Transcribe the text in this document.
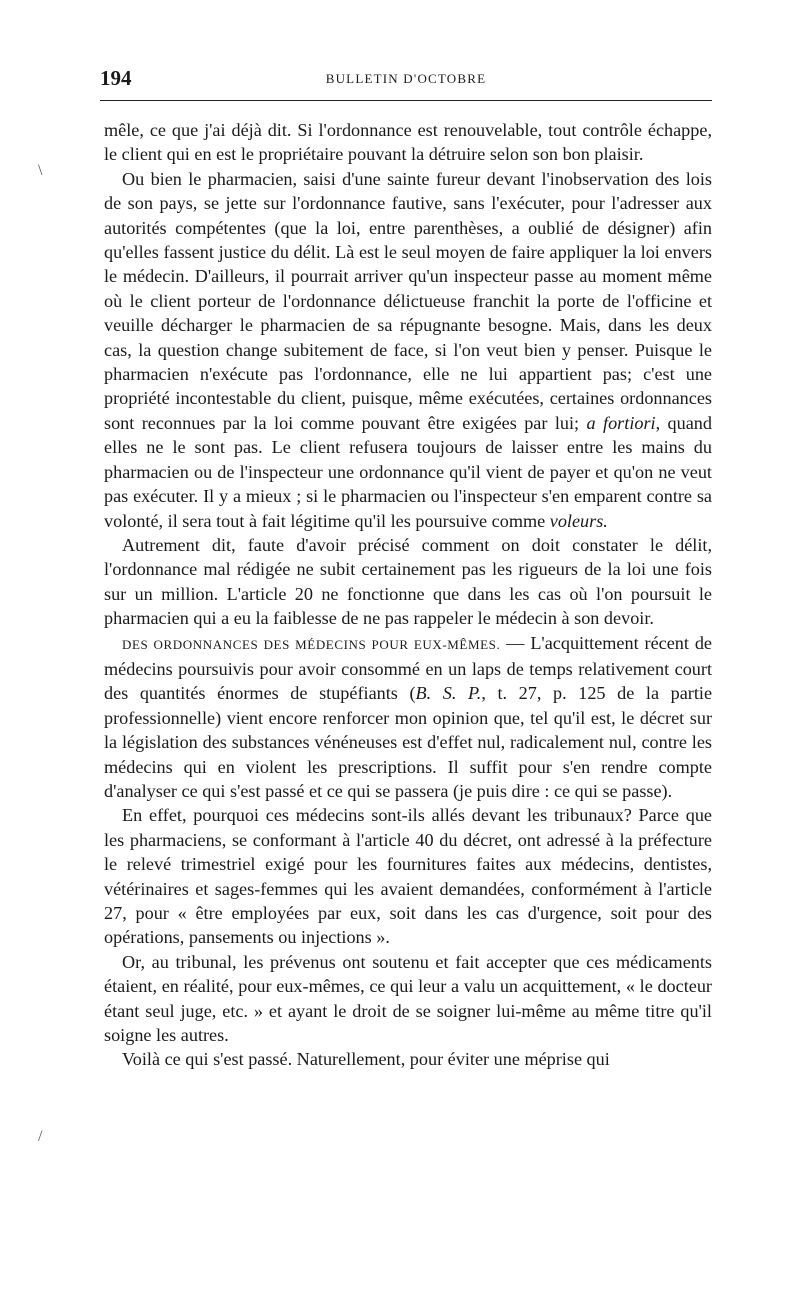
194	BULLETIN D'OCTOBRE
\
/

mêle, ce que j'ai déjà dit. Si l'ordonnance est renouvelable, tout contrôle échappe, le client qui en est le propriétaire pouvant la détruire selon son bon plaisir.

Ou bien le pharmacien, saisi d'une sainte fureur devant l'inobservation des lois de son pays, se jette sur l'ordonnance fautive, sans l'exécuter, pour l'adresser aux autorités compétentes (que la loi, entre parenthèses, a oublié de désigner) afin qu'elles fassent justice du délit. Là est le seul moyen de faire appliquer la loi envers le médecin. D'ailleurs, il pourrait arriver qu'un inspecteur passe au moment même où le client porteur de l'ordonnance délictueuse franchit la porte de l'officine et veuille décharger le pharmacien de sa répugnante besogne. Mais, dans les deux cas, la question change subitement de face, si l'on veut bien y penser. Puisque le pharmacien n'exécute pas l'ordonnance, elle ne lui appartient pas; c'est une propriété incontestable du client, puisque, même exécutées, certaines ordonnances sont reconnues par la loi comme pouvant être exigées par lui; a fortiori, quand elles ne le sont pas. Le client refusera toujours de laisser entre les mains du pharmacien ou de l'inspecteur une ordonnance qu'il vient de payer et qu'on ne veut pas exécuter. Il y a mieux ; si le pharmacien ou l'inspecteur s'en emparent contre sa volonté, il sera tout à fait légitime qu'il les poursuive comme voleurs.

Autrement dit, faute d'avoir précisé comment on doit constater le délit, l'ordonnance mal rédigée ne subit certainement pas les rigueurs de la loi une fois sur un million. L'article 20 ne fonctionne que dans les cas où l'on poursuit le pharmacien qui a eu la faiblesse de ne pas rappeler le médecin à son devoir.

DES ORDONNANCES DES MÉDECINS POUR EUX-MÊMES. — L'acquittement récent de médecins poursuivis pour avoir consommé en un laps de temps relativement court des quantités énormes de stupéfiants (B. S. P., t. 27, p. 125 de la partie professionnelle) vient encore renforcer mon opinion que, tel qu'il est, le décret sur la législation des substances vénéneuses est d'effet nul, radicalement nul, contre les médecins qui en violent les prescriptions. Il suffit pour s'en rendre compte d'analyser ce qui s'est passé et ce qui se passera (je puis dire : ce qui se passe).

En effet, pourquoi ces médecins sont-ils allés devant les tribunaux? Parce que les pharmaciens, se conformant à l'article 40 du décret, ont adressé à la préfecture le relevé trimestriel exigé pour les fournitures faites aux médecins, dentistes, vétérinaires et sages-femmes qui les avaient demandées, conformément à l'article 27, pour « être employées par eux, soit dans les cas d'urgence, soit pour des opérations, pansements ou injections ».

Or, au tribunal, les prévenus ont soutenu et fait accepter que ces médicaments étaient, en réalité, pour eux-mêmes, ce qui leur a valu un acquittement, « le docteur étant seul juge, etc. » et ayant le droit de se soigner lui-même au même titre qu'il soigne les autres.

Voilà ce qui s'est passé. Naturellement, pour éviter une méprise qui
